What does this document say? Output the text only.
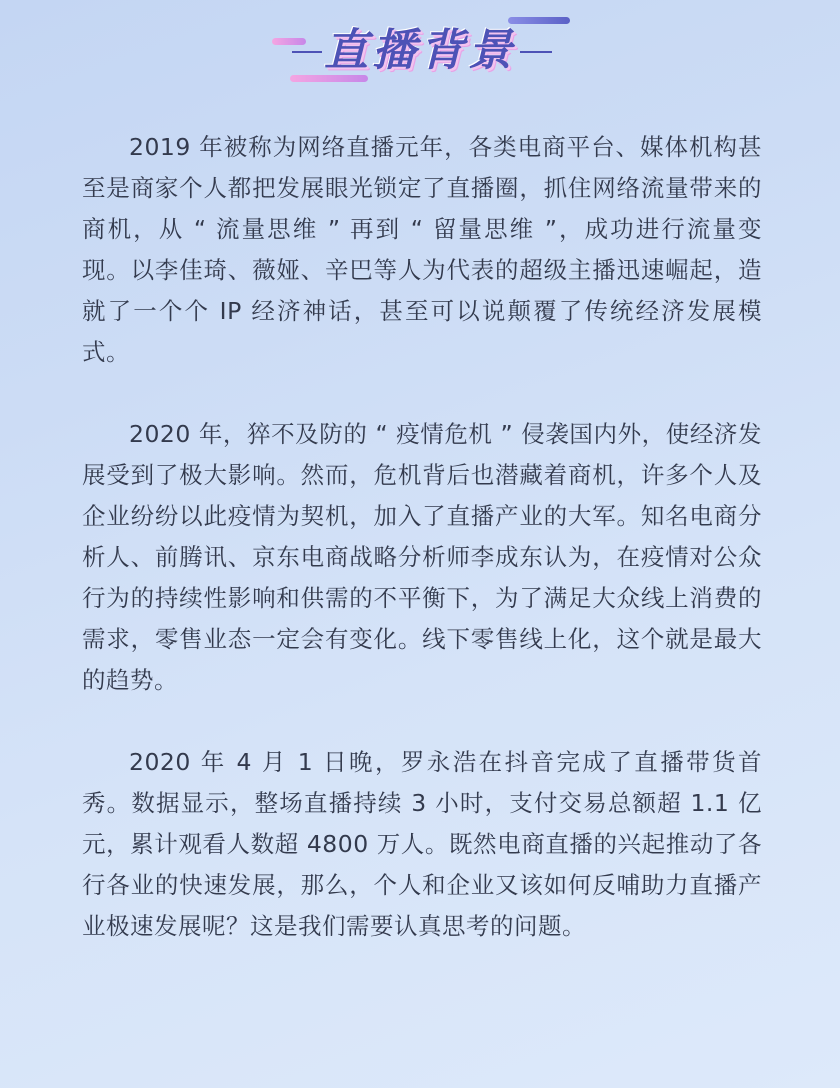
直播背景

2019 年被称为网络直播元年，各类电商平台、媒体机构甚至是商家个人都把发展眼光锁定了直播圈，抓住网络流量带来的商机，从 “ 流量思维 ” 再到 “ 留量思维 ”，成功进行流量变现。以李佳琦、薇娅、辛巴等人为代表的超级主播迅速崛起，造就了一个个 IP 经济神话，甚至可以说颠覆了传统经济发展模式。

2020 年，猝不及防的 “ 疫情危机 ” 侵袭国内外，使经济发展受到了极大影响。然而，危机背后也潜藏着商机，许多个人及企业纷纷以此疫情为契机，加入了直播产业的大军。知名电商分析人、前腾讯、京东电商战略分析师李成东认为，在疫情对公众行为的持续性影响和供需的不平衡下，为了满足大众线上消费的需求，零售业态一定会有变化。线下零售线上化，这个就是最大的趋势。

2020 年 4 月 1 日晚，罗永浩在抖音完成了直播带货首秀。数据显示，整场直播持续 3 小时，支付交易总额超 1.1 亿元，累计观看人数超 4800 万人。既然电商直播的兴起推动了各行各业的快速发展，那么，个人和企业又该如何反哺助力直播产业极速发展呢？这是我们需要认真思考的问题。
